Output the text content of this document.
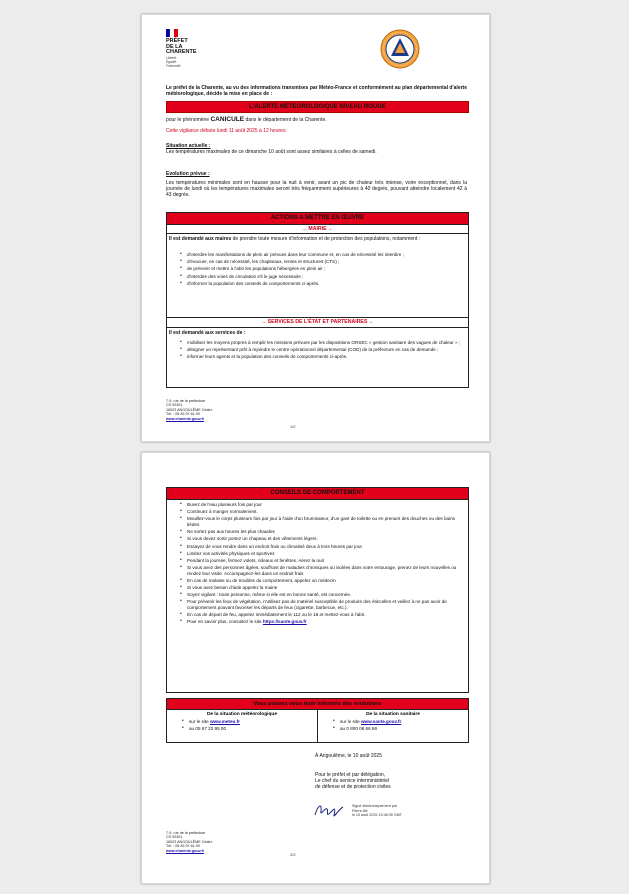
PRÉFET
DE LA
CHARENTE
Liberté
Égalité
Fraternité
Le préfet de la Charente, au vu des informations transmises par Météo-France et conformément au plan départemental d'alerte météorologique, décide la mise en place de :
L'ALERTE METEOROLOGIQUE NIVEAU ROUGE
pour le phénomène CANICULE dans le département de la Charente.
Cette vigilance débute lundi 11 août 2025 à 12 heures.
Situation actuelle :
Les températures maximales de ce dimanche 10 août sont assez similaires à celles de samedi.
Evolution prévue :
Les températures minimales sont en hausse pour la nuit à venir, avant un pic de chaleur très intense, voire exceptionnel, dans la journée de lundi où les températures maximales seront très fréquemment supérieures à 40 degrés, pouvant atteindre localement 42 à 43 degrés.
ACTIONS A METTRE EN ŒUVRE
→ MAIRIE ←
Il est demandé aux maires de prendre toute mesure d'information et de protection des populations, notamment :
• d'interdire les manifestations de plein air prévues dans leur commune et, en cas de nécessité les interdire ;
• d'évacuer, en cas de nécessité, les chapiteaux, tentes et structures (CTS) ;
• de prévenir et mettre à l'abri les populations hébergées en plein air ;
• d'interdire des voies de circulation s'il le juge nécessaire ;
• d'informer la population des conseils de comportements ci-après.
→ SERVICES DE L'ÉTAT ET PARTENAIRES ←
Il est demandé aux services de :
• mobiliser les moyens propres à remplir les missions prévues par les dispositions ORSEC « gestion sanitaire des vagues de chaleur » ;
• désigner un représentant prêt à rejoindre le centre opérationnel départemental (COD) de la préfecture en cas de demande ;
• informer leurs agents et la population des conseils de comportements ci-après.
7-9, rue de la préfecture
CS 92301
16023 ANGOULÊME Cedex
Tél. : 05.45.97.61.00
www.charente.gouv.fr
1/2
CONSEILS DE COMPORTEMENT
• Buvez de l'eau plusieurs fois par jour
• Continuez à manger normalement.
• Mouillez-vous le corps plusieurs fois par jour à l'aide d'un brumisateur, d'un gant de toilette ou en prenant des douches ou des bains tièdes
• Ne sortez pas aux heures les plus chaudes
• Si vous devez sortir portez un chapeau et des vêtements légers.
• Essayez de vous rendre dans un endroit frais ou climatisé deux à trois heures par jour.
• Limitez vos activités physiques et sportives
• Pendant la journée, fermez volets, rideaux et fenêtres. Aérez la nuit
• Si vous avez des personnes âgées, souffrant de maladies chroniques ou isolées dans votre entourage, prenez de leurs nouvelles ou rendez leur visite. Accompagnez-les dans un endroit frais
• En cas de malaise ou de troubles du comportement, appelez un médecin
• Si vous avez besoin d'aide appelez la mairie
• Soyez vigilant : toute personne, même si elle est en bonne santé, est concernée.
• Pour prévenir les feux de végétation, n'utilisez pas de matériel susceptible de produire des étincelles et veillez à ne pas avoir de comportement pouvant favoriser les départs de feux (cigarette, barbecue, etc.).
• En cas de départ de feu, appelez immédiatement le 112 ou le 18 et mettez-vous à l'abri.
• Pour en savoir plus, consultez le site https://sante.gouv.fr
Vous pouvez vous tenir informés des évolutions
De la situation météorologique
• sur le site www.meteo.fr
• au 05 67 22 95 00
De la situation sanitaire
• sur le site www.sante.gouv.fr
• au 0 800 06 66 66
À Angoulême, le 10 août 2025
Pour le préfet et par délégation,
Le chef du service interministériel
de défense et de protection civiles
Signé électroniquement par
Pierre-Bé
le 10 août 2025 13:48:35 GMT
7-9, rue de la préfecture
CS 92301
16023 ANGOULÊME Cedex
Tél. : 05.45.97.61.00
www.charente.gouv.fr
2/2
